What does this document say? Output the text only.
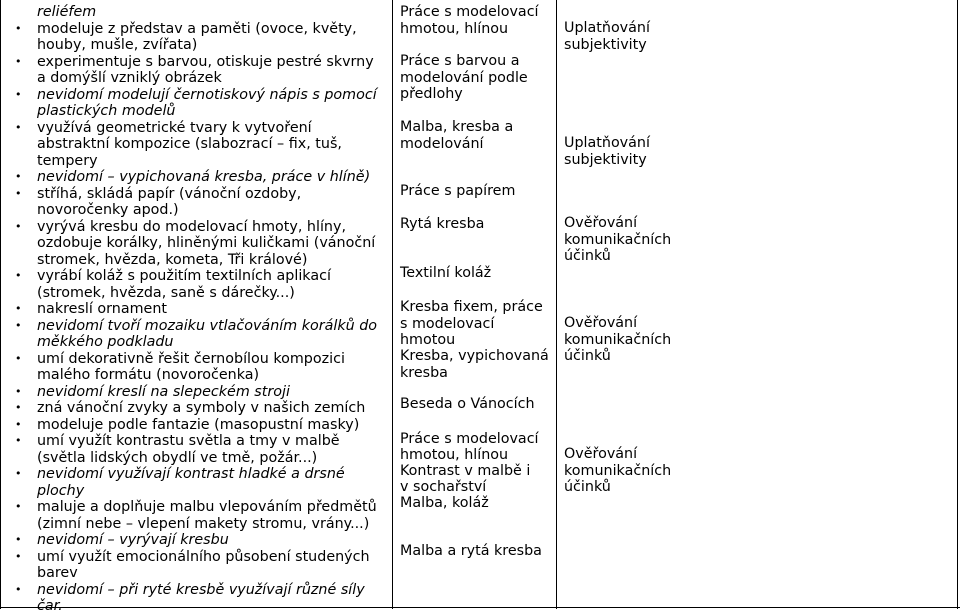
reliéfem
• modeluje z představ a paměti (ovoce, květy,
houby, mušle, zvířata)
• experimentuje s barvou, otiskuje pestré skvrny
a domýšlí vzniklý obrázek
• nevidomí modelují černotiskový nápis s pomocí
plastických modelů
• využívá geometrické tvary k vytvoření
abstraktní kompozice (slabozrací – fix, tuš,
tempery
• nevidomí – vypichovaná kresba, práce v hlíně)
• stříhá, skládá papír (vánoční ozdoby,
novoročenky apod.)
• vyrývá kresbu do modelovací hmoty, hlíny,
ozdobuje korálky, hliněnými kuličkami (vánoční
stromek, hvězda, kometa, Tři králové)
• vyrábí koláž s použitím textilních aplikací
(stromek, hvězda, saně s dárečky...)
• nakreslí ornament
• nevidomí tvoří mozaiku vtlačováním korálků do
měkkého podkladu
• umí dekorativně řešit černobílou kompozici
malého formátu (novoročenka)
• nevidomí kreslí na slepeckém stroji
• zná vánoční zvyky a symboly v našich zemích
• modeluje podle fantazie (masopustní masky)
• umí využít kontrastu světla a tmy v malbě
(světla lidských obydlí ve tmě, požár...)
• nevidomí využívají kontrast hladké a drsné
plochy
• maluje a doplňuje malbu vlepováním předmětů
(zimní nebe – vlepení makety stromu, vrány...)
• nevidomí – vyrývají kresbu
• umí využít emocionálního působení studených
barev
• nevidomí – při ryté kresbě využívají různé síly
čar.
Práce s modelovací
hmotou, hlínou
Práce s barvou a
modelování podle
předlohy
Malba, kresba a
modelování
Práce s papírem
Rytá kresba
Textilní koláž
Kresba fixem, práce
s modelovací hmotou
Kresba, vypichovaná
kresba
Beseda o Vánocích
Práce s modelovací
hmotou, hlínou
Kontrast v malbě i
v sochařství
Malba, koláž
Malba a rytá kresba
Uplatňování
subjektivity
Uplatňování
subjektivity
Ověřování
komunikačních
účinků
Ověřování
komunikačních
účinků
Ověřování
komunikačních
účinků
